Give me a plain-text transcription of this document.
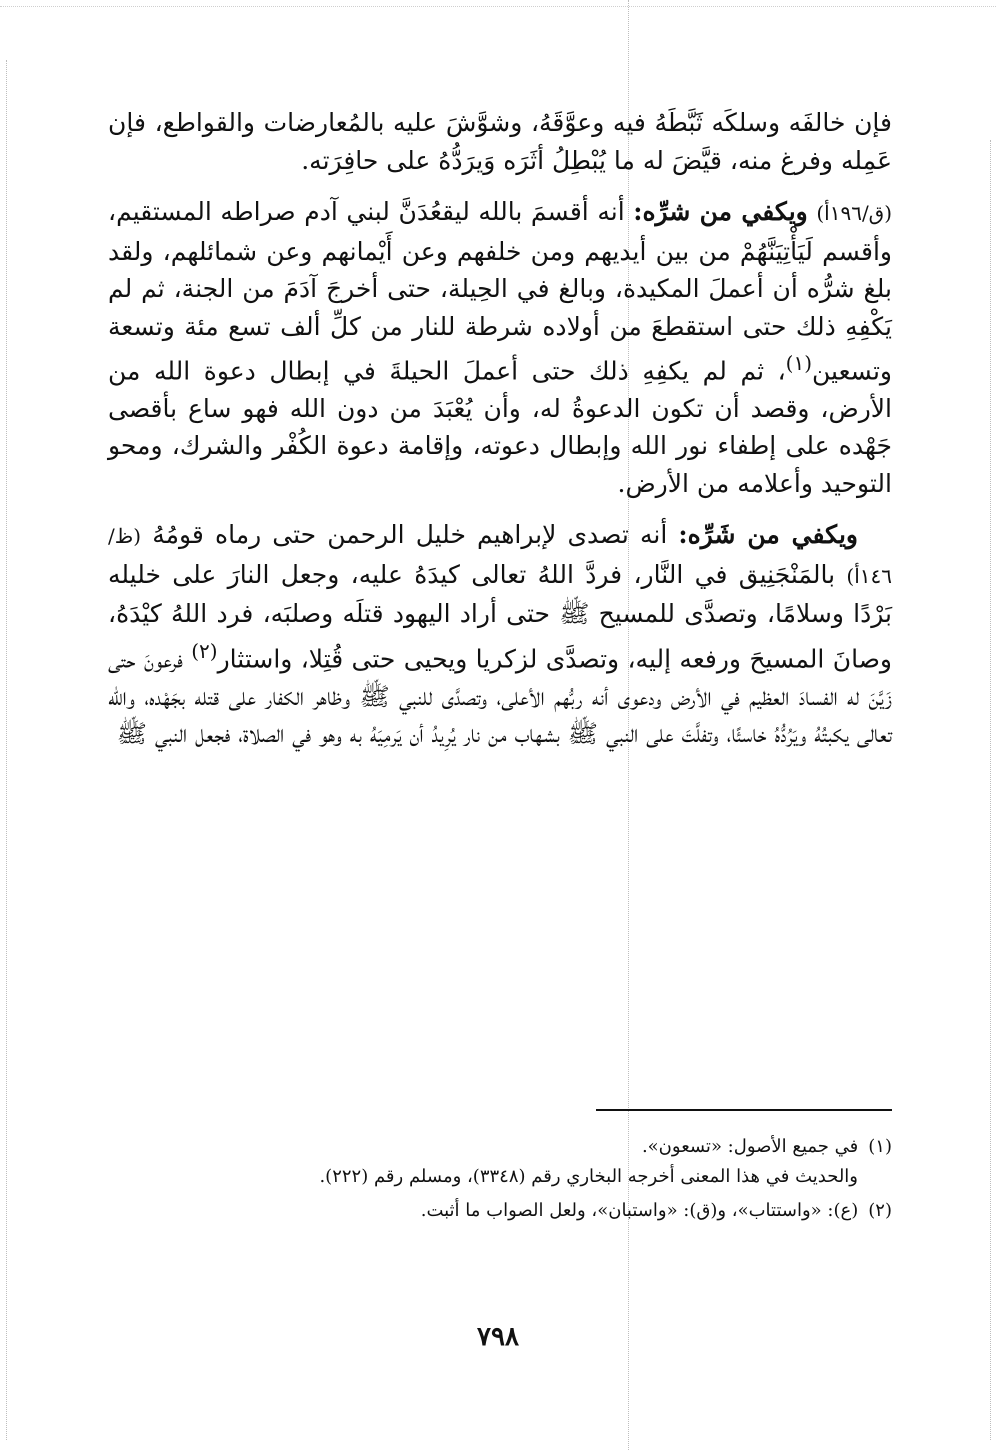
فإن خالفَه وسلكَه ثَبَّطَهُ فيه وعوَّقَهُ، وشوَّشَ عليه بالمُعارضات والقواطع، فإن عَمِله وفرغ منه، قيَّضَ له ما يُبْطِلُ أثَرَه وَيرَدُّهُ على حافِرَته.

(ق/١٩٦أ) ويكفي من شرِّه: أنه أقسمَ بالله ليقعُدَنَّ لبني آدم صراطه المستقيم، وأقسم لَيَأْتِيَنَّهُمْ من بين أيديهم ومن خلفهم وعن أَيْمانهم وعن شمائلهم، ولقد بلغ شرُّه أن أعملَ المكيدة، وبالغ في الحِيلة، حتى أخرجَ آدَمَ من الجنة، ثم لم يَكْفِهِ ذلك حتى استقطعَ من أولاده شرطة للنار من كلِّ ألف تسع مئة وتسعة وتسعين$^{(١)}$، ثم لم يكفِهِ ذلك حتى أعملَ الحيلةَ في إبطال دعوة الله من الأرض، وقصد أن تكون الدعوةُ له، وأن يُعْبَدَ من دون الله فهو ساع بأقصى جَهْده على إطفاء نور الله وإبطال دعوته، وإقامة دعوة الكُفْر والشرك، ومحو التوحيد وأعلامه من الأرض.

ويكفي من شَرِّه: أنه تصدى لإبراهيم خليل الرحمن حتى رماه قومُهُ (ظ/١٤٦أ) بالمَنْجَنِيق في النَّار، فردَّ اللهُ تعالى كيدَهُ عليه، وجعل النارَ على خليله بَرْدًا وسلامًا، وتصدَّى للمسيح ﷺ حتى أراد اليهود قتلَه وصلبَه، فرد اللهُ كيْدَهُ، وصانَ المسيحَ ورفعه إليه، وتصدَّى لزكريا ويحيى حتى قُتِلا، واستثار$^{(٢)}$ فرعونَ حتى زَيَّنَ له الفسادَ العظيم في الأرض ودعوى أنه ربُّهم الأعلى، وتصدَّى للنبي ﷺ وظاهر الكفار على قتله بجَهْده، والله تعالى يكبتُهُ ويَرُدُّهُ خاسئًا، وتفلَّتَ على النبي ﷺ بشهاب من نار يُرِيدُ أن يَرمِيَهُ به وهو في الصلاة، فجعل النبي ﷺ

(١)في جميع الأصول: «تسعون».
والحديث في هذا المعنى أخرجه البخاري رقم (٣٣٤٨)، ومسلم رقم (٢٢٢).

(٢)(ع): «واستتاب»، و(ق): «واستبان»، ولعل الصواب ما أثبت.

٧٩٨
